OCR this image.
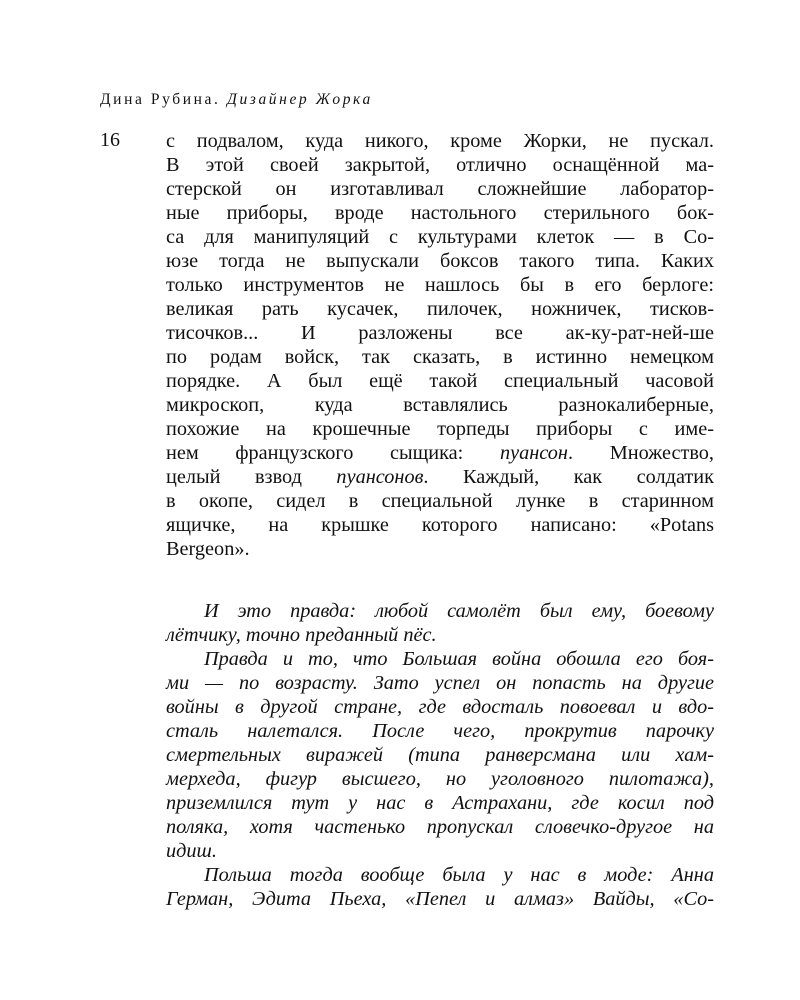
Дина Рубина. Дизайнер Жорка
16 с подвалом, куда никого, кроме Жорки, не пускал.
В этой своей закрытой, отлично оснащённой ма-
стерской он изготавливал сложнейшие лаборатор-
ные приборы, вроде настольного стерильного бок-
са для манипуляций с культурами клеток — в Со-
юзе тогда не выпускали боксов такого типа. Каких
только инструментов не нашлось бы в его берлоге:
великая рать кусачек, пилочек, ножничек, тисков-
тисочков... И разложены все ак-ку-рат-ней-ше
по родам войск, так сказать, в истинно немецком
порядке. А был ещё такой специальный часовой
микроскоп, куда вставлялись разнокалиберные,
похожие на крошечные торпеды приборы с име-
нем французского сыщика: пуансон. Множество,
целый взвод пуансонов. Каждый, как солдатик
в окопе, сидел в специальной лунке в старинном
ящичке, на крышке которого написано: «Potans
Bergeon».
И это правда: любой самолёт был ему, боевому
лётчику, точно преданный пёс.
Правда и то, что Большая война обошла его боя-
ми — по возрасту. Зато успел он попасть на другие
войны в другой стране, где вдосталь повоевал и вдо-
сталь налетался. После чего, прокрутив парочку
смертельных виражей (типа ранверсмана или хам-
мерхеда, фигур высшего, но уголовного пилотажа),
приземлился тут у нас в Астрахани, где косил под
поляка, хотя частенько пропускал словечко-другое на
идиш.
Польша тогда вообще была у нас в моде: Анна
Герман, Эдита Пьеха, «Пепел и алмаз» Вайды, «Со-
